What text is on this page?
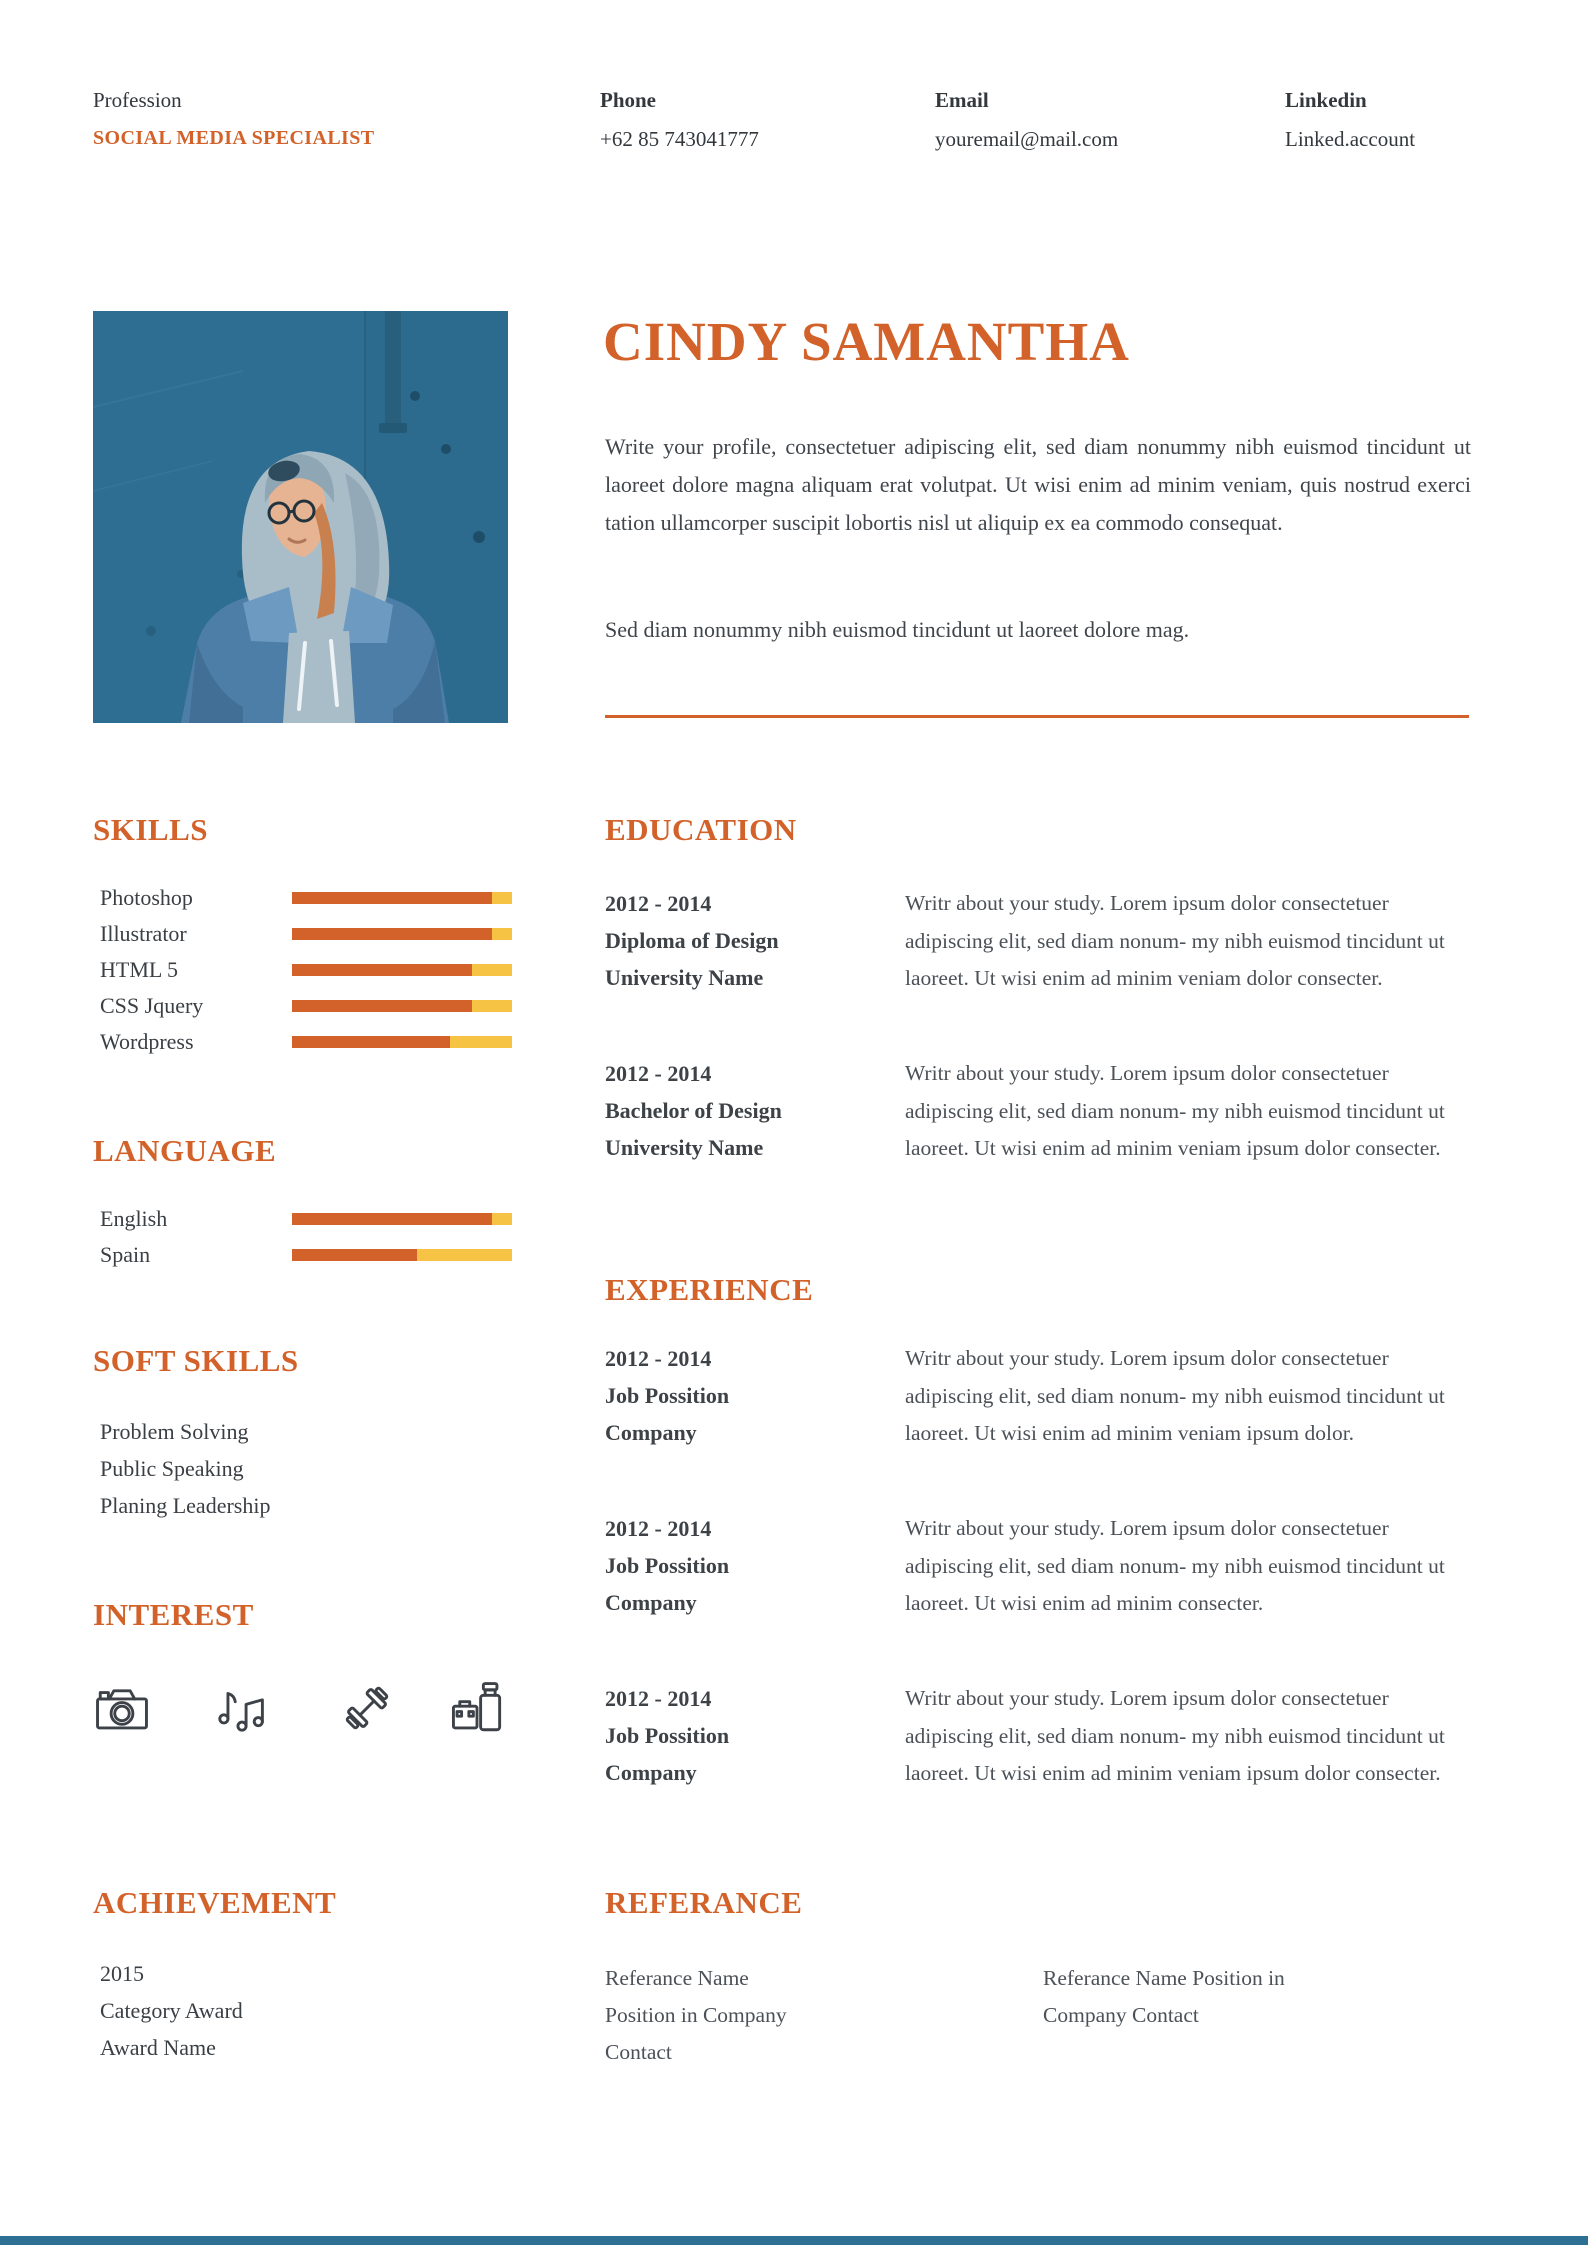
Profession
SOCIAL MEDIA SPECIALIST
Phone
+62 85 743041777
Email
youremail@mail.com
Linkedin
Linked.account
CINDY SAMANTHA
Write your profile, consectetuer adipiscing elit, sed diam nonummy nibh euismod tincidunt ut laoreet dolore magna aliquam erat volutpat. Ut wisi enim ad minim veniam, quis nostrud exerci tation ullamcorper suscipit lobortis nisl ut aliquip ex ea commodo consequat.
Sed diam nonummy nibh euismod tincidunt ut laoreet dolore mag.
SKILLS
Photoshop
Illustrator
HTML 5
CSS Jquery
Wordpress
LANGUAGE
English
Spain
SOFT SKILLS
Problem Solving
Public Speaking
Planing Leadership
INTEREST
ACHIEVEMENT
2015
Category Award
Award Name
EDUCATION
2012 - 2014
Diploma of Design
University Name
Writr about your study. Lorem ipsum dolor consectetuer adipiscing elit, sed diam nonum- my nibh euismod tincidunt ut laoreet. Ut wisi enim ad minim veniam dolor consecter.
2012 - 2014
Bachelor of Design
University Name
Writr about your study. Lorem ipsum dolor consectetuer adipiscing elit, sed diam nonum- my nibh euismod tincidunt ut laoreet. Ut wisi enim ad minim veniam ipsum dolor consecter.
EXPERIENCE
2012 - 2014
Job Possition
Company
Writr about your study. Lorem ipsum dolor consectetuer adipiscing elit, sed diam nonum- my nibh euismod tincidunt ut laoreet. Ut wisi enim ad minim veniam ipsum dolor.
2012 - 2014
Job Possition
Company
Writr about your study. Lorem ipsum dolor consectetuer adipiscing elit, sed diam nonum- my nibh euismod tincidunt ut laoreet. Ut wisi enim ad minim consecter.
2012 - 2014
Job Possition
Company
Writr about your study. Lorem ipsum dolor consectetuer adipiscing elit, sed diam nonum- my nibh euismod tincidunt ut laoreet. Ut wisi enim ad minim veniam ipsum dolor consecter.
REFERANCE
Referance Name
Position in Company
Contact
Referance Name Position in Company Contact
